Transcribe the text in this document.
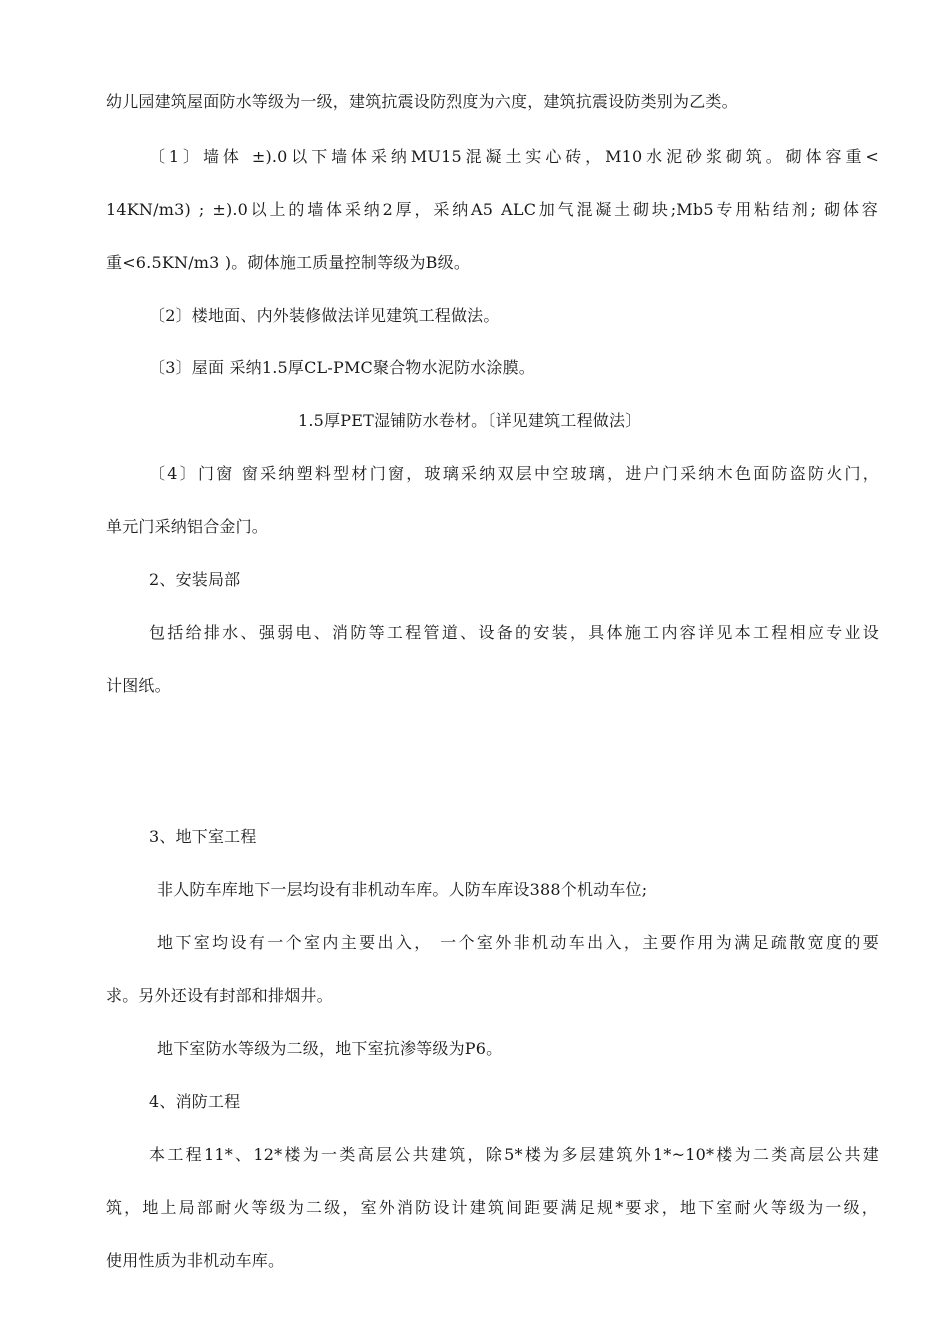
幼儿园建筑屋面防水等级为一级，建筑抗震设防烈度为六度，建筑抗震设防类别为乙类。
〔1〕墙体 ±).0以下墙体采纳MU15混凝土实心砖，M10水泥砂浆砌筑。砌体容重<
14KN/m3) ; ±).0以上的墙体采纳2厚，采纳A5 ALC加气混凝土砌块;Mb5专用粘结剂; 砌体容
重<6.5KN/m3 )。砌体施工质量控制等级为B级。
〔2〕楼地面、内外装修做法详见建筑工程做法。
〔3〕屋面 采纳1.5厚CL-PMC聚合物水泥防水涂膜。
1.5厚PET湿铺防水卷材。〔详见建筑工程做法〕
〔4〕门窗 窗采纳塑料型材门窗，玻璃采纳双层中空玻璃，进户门采纳木色面防盗防火门，
单元门采纳铝合金门。
2、安装局部
包括给排水、强弱电、消防等工程管道、设备的安装，具体施工内容详见本工程相应专业设
计图纸。
3、地下室工程
非人防车库地下一层均设有非机动车库。人防车库设388个机动车位;
地下室均设有一个室内主要出入， 一个室外非机动车出入，主要作用为满足疏散宽度的要
求。另外还设有封部和排烟井。
地下室防水等级为二级，地下室抗渗等级为P6。
4、消防工程
本工程11*、12*楼为一类高层公共建筑，除5*楼为多层建筑外1*~10*楼为二类高层公共建
筑，地上局部耐火等级为二级，室外消防设计建筑间距要满足规*要求，地下室耐火等级为一级，
使用性质为非机动车库。
